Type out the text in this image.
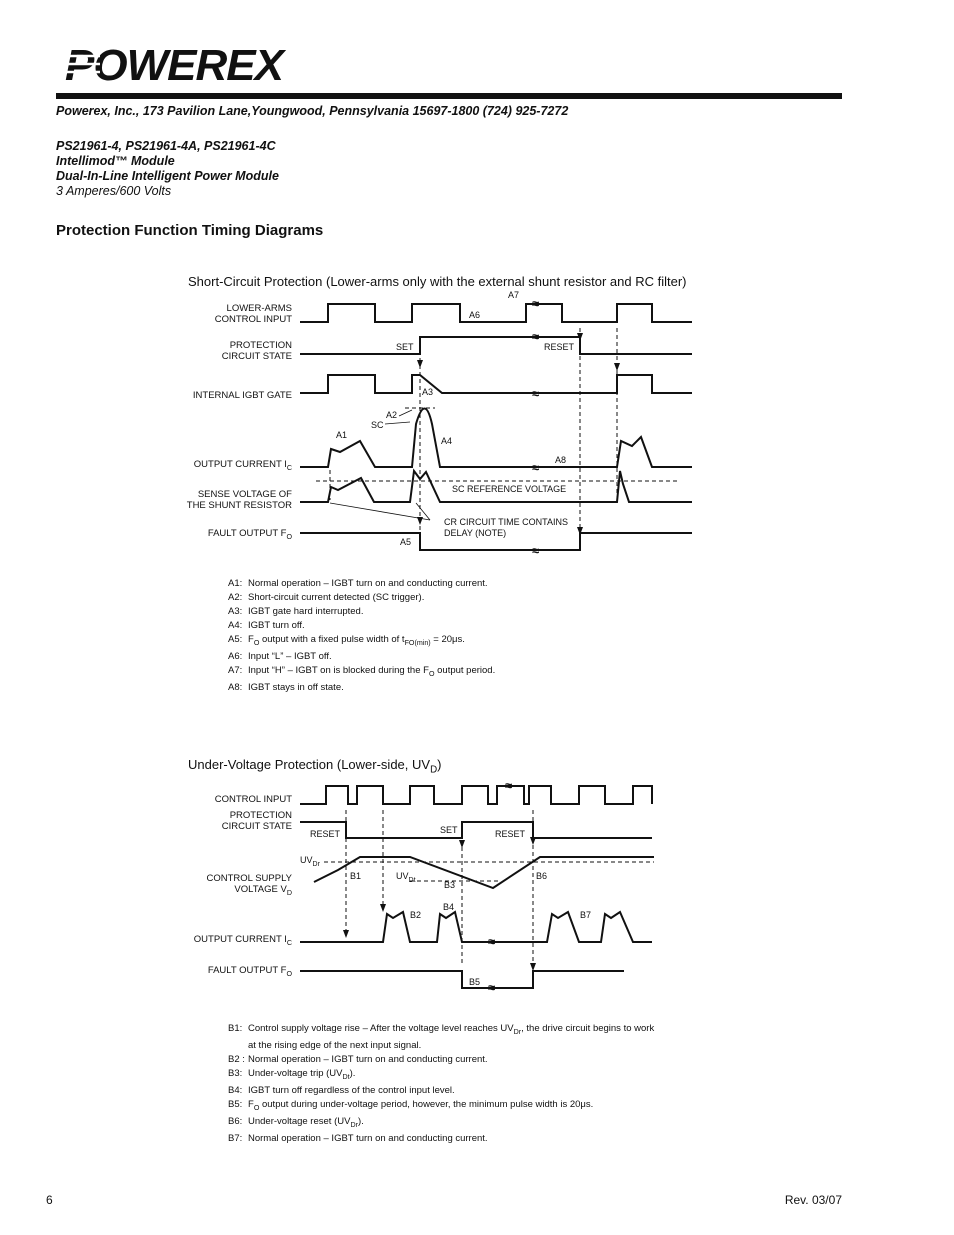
POWEREX
Powerex, Inc., 173 Pavilion Lane,Youngwood, Pennsylvania 15697-1800 (724) 925-7272
PS21961-4, PS21961-4A, PS21961-4C
Intellimod™ Module
Dual-In-Line Intelligent Power Module
3 Amperes/600 Volts
Protection Function Timing Diagrams
Short-Circuit Protection (Lower-arms only with the external shunt resistor and RC filter)
LOWER-ARMS
CONTROL INPUT
PROTECTION
CIRCUIT STATE
INTERNAL IGBT GATE
OUTPUT CURRENT $I_C$
SENSE VOLTAGE OF
THE SHUNT RESISTOR
FAULT OUTPUT $F_O$
≈
≈
≈
≈
≈
SET	RESET
SC
A1
A2
A3
A4
A5
A6
A7
A8
SC REFERENCE VOLTAGE
CR CIRCUIT TIME CONTAINS
DELAY (NOTE)
A1: Normal operation – IGBT turn on and conducting current.
A2: Short-circuit current detected (SC trigger).
A3: IGBT gate hard interrupted.
A4: IGBT turn off.
A5: $F_O$ output with a fixed pulse width of $t_{FO(min)} = 20\mu s$.
A6: Input “L” – IGBT off.
A7: Input “H” – IGBT on is blocked during the $F_O$ output period.
A8: IGBT stays in off state.
Under-Voltage Protection (Lower-side, $UV_D$)
CONTROL INPUT
PROTECTION
CIRCUIT STATE
CONTROL SUPPLY
VOLTAGE $V_D$
OUTPUT CURRENT $I_C$
FAULT OUTPUT $F_O$
≈
≈
≈
RESET	SET	RESET
$UV_{Dr}$
$UV_{Dt}$
B1
B2
B3
B4
B5
B6
B7
B1: Control supply voltage rise – After the voltage level reaches $UV_{Dr}$, the drive circuit begins to work
at the rising edge of the next input signal.
B2 : Normal operation – IGBT turn on and conducting current.
B3: Under-voltage trip $(UV_{Dt})$.
B4: IGBT turn off regardless of the control input level.
B5: $F_O$ output during under-voltage period, however, the minimum pulse width is 20μs.
B6: Under-voltage reset $(UV_{Dr})$.
B7: Normal operation – IGBT turn on and conducting current.
6	Rev. 03/07
